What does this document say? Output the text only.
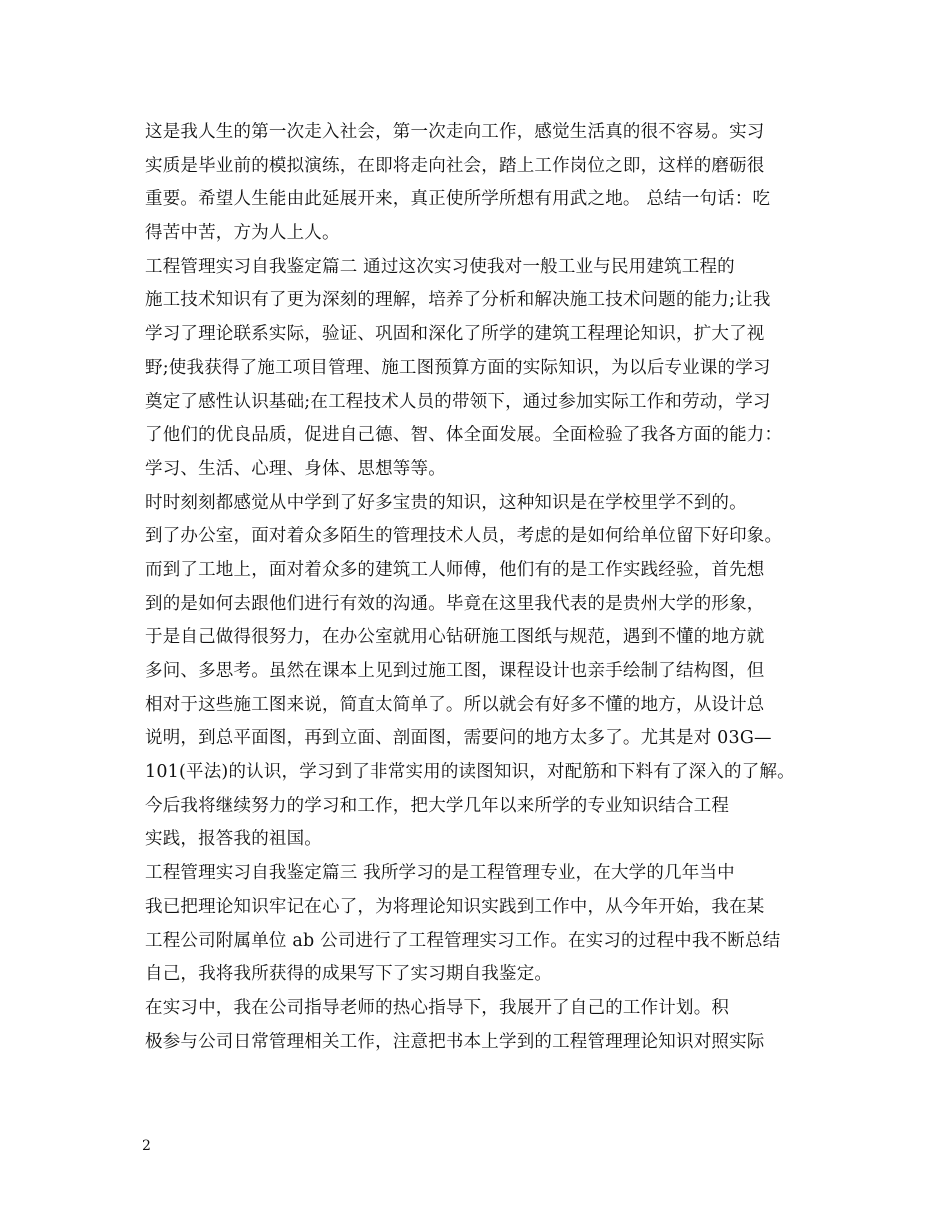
这是我人生的第一次走入社会，第一次走向工作，感觉生活真的很不容易。实习
实质是毕业前的模拟演练，在即将走向社会，踏上工作岗位之即，这样的磨砺很
重要。希望人生能由此延展开来，真正使所学所想有用武之地。 总结一句话：吃
得苦中苦，方为人上人。
工程管理实习自我鉴定篇二 通过这次实习使我对一般工业与民用建筑工程的
施工技术知识有了更为深刻的理解，培养了分析和解决施工技术问题的能力;让我
学习了理论联系实际，验证、巩固和深化了所学的建筑工程理论知识，扩大了视
野;使我获得了施工项目管理、施工图预算方面的实际知识，为以后专业课的学习
奠定了感性认识基础;在工程技术人员的带领下，通过参加实际工作和劳动，学习
了他们的优良品质，促进自己德、智、体全面发展。全面检验了我各方面的能力：
学习、生活、心理、身体、思想等等。
时时刻刻都感觉从中学到了好多宝贵的知识，这种知识是在学校里学不到的。
到了办公室，面对着众多陌生的管理技术人员，考虑的是如何给单位留下好印象。
而到了工地上，面对着众多的建筑工人师傅，他们有的是工作实践经验，首先想
到的是如何去跟他们进行有效的沟通。毕竟在这里我代表的是贵州大学的形象，
于是自己做得很努力，在办公室就用心钻研施工图纸与规范，遇到不懂的地方就
多问、多思考。虽然在课本上见到过施工图，课程设计也亲手绘制了结构图，但
相对于这些施工图来说，简直太简单了。所以就会有好多不懂的地方，从设计总
说明，到总平面图，再到立面、剖面图，需要问的地方太多了。尤其是对 03G—
101(平法)的认识，学习到了非常实用的读图知识，对配筋和下料有了深入的了解。
今后我将继续努力的学习和工作，把大学几年以来所学的专业知识结合工程
实践，报答我的祖国。
工程管理实习自我鉴定篇三 我所学习的是工程管理专业，在大学的几年当中
我已把理论知识牢记在心了，为将理论知识实践到工作中，从今年开始，我在某
工程公司附属单位 ab 公司进行了工程管理实习工作。在实习的过程中我不断总结
自己，我将我所获得的成果写下了实习期自我鉴定。
在实习中，我在公司指导老师的热心指导下，我展开了自己的工作计划。积
极参与公司日常管理相关工作，注意把书本上学到的工程管理理论知识对照实际
2
